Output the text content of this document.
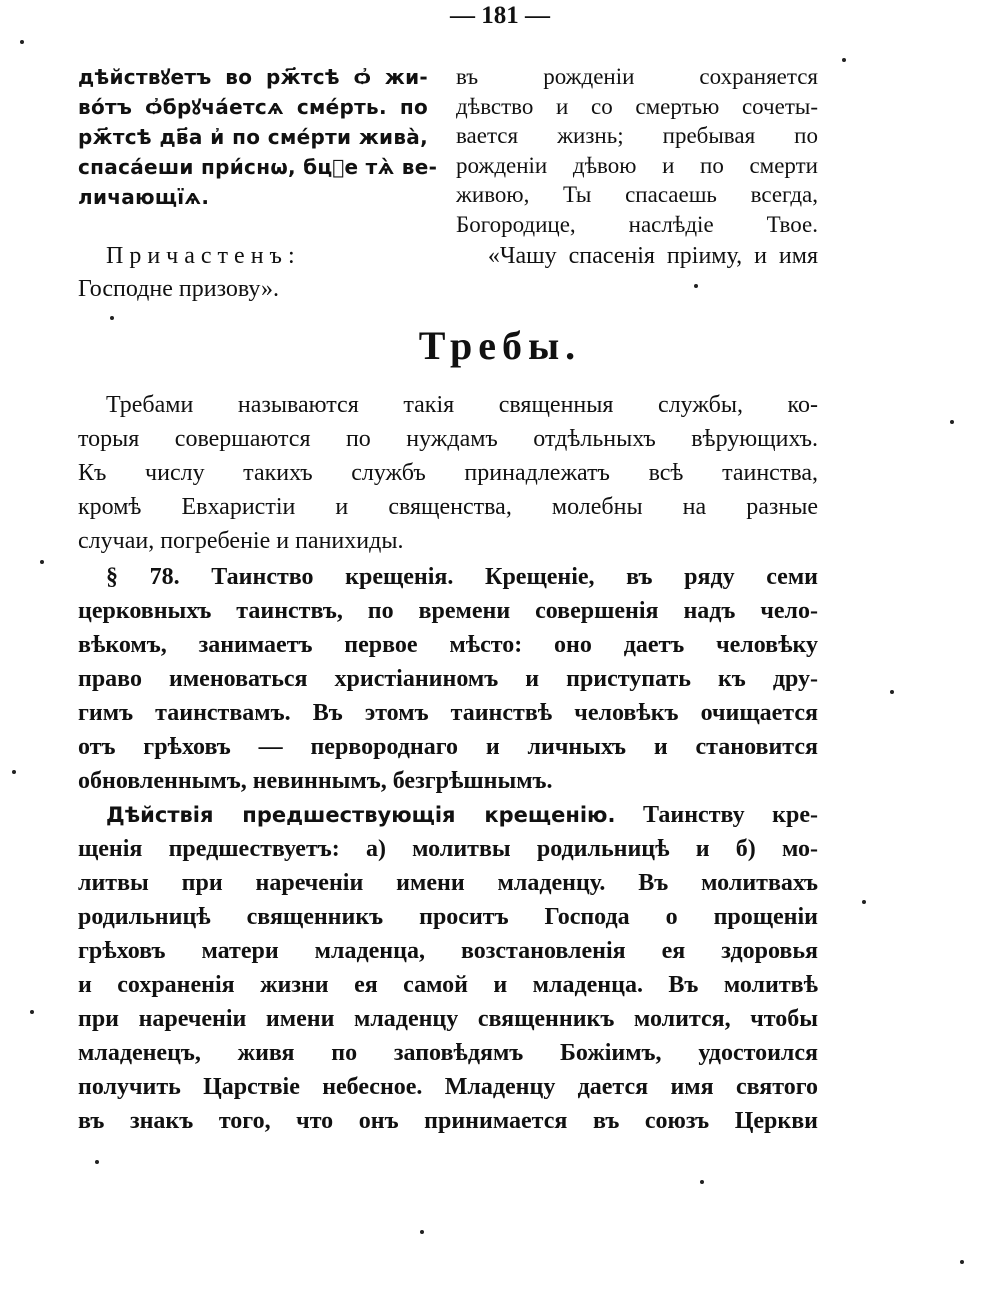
— 181 —
дѣйствꙋетъ во рж҃тсѣ ѻ҆ жи-
во́тъ ѻ҆брꙋча́етсѧ сме́рть. по
рж҃тсѣ дв҃а и҆ по сме́рти жива̀,
спаса́еши при́снѡ, бцⷣе тѧ̀ ве-
личающїѧ.
въ рожденіи сохраняется
дѣвство и со смертью сочеты-
вается жизнь; пребывая по
рожденіи дѣвою и по смерти
живою, Ты спасаешь всегда,
Богородице, наслѣдіе Твое.
Причастенъ:	«Чашу спасенія пріиму, и имя
Господне призову».
Требы.
Требами называются такія священныя службы, ко-
торыя совершаются по нуждамъ отдѣльныхъ вѣрующихъ.
Къ числу такихъ службъ принадлежатъ всѣ таинства,
кромѣ Евхаристіи и священства, молебны на разные
случаи, погребеніе и панихиды.
§ 78. Таинство крещенія. Крещеніе, въ ряду семи
церковныхъ таинствъ, по времени совершенія надъ чело-
вѣкомъ, занимаетъ первое мѣсто: оно даетъ человѣку
право именоваться христіаниномъ и приступать къ дру-
гимъ таинствамъ. Въ этомъ таинствѣ человѣкъ очищается
отъ грѣховъ — первороднаго и личныхъ и становится
обновленнымъ, невиннымъ, безгрѣшнымъ.
Дѣйствія предшествующія крещенію. Таинству кре-
щенія предшествуетъ: а) молитвы родильницѣ и б) мо-
литвы при нареченіи имени младенцу. Въ молитвахъ
родильницѣ священникъ проситъ Господа о прощеніи
грѣховъ матери младенца, возстановленія ея здоровья
и сохраненія жизни ея самой и младенца. Въ молитвѣ
при нареченіи имени младенцу священникъ молится, чтобы
младенецъ, живя по заповѣдямъ Божіимъ, удостоился
получить Царствіе небесное. Младенцу дается имя святого
въ знакъ того, что онъ принимается въ союзъ Церкви
